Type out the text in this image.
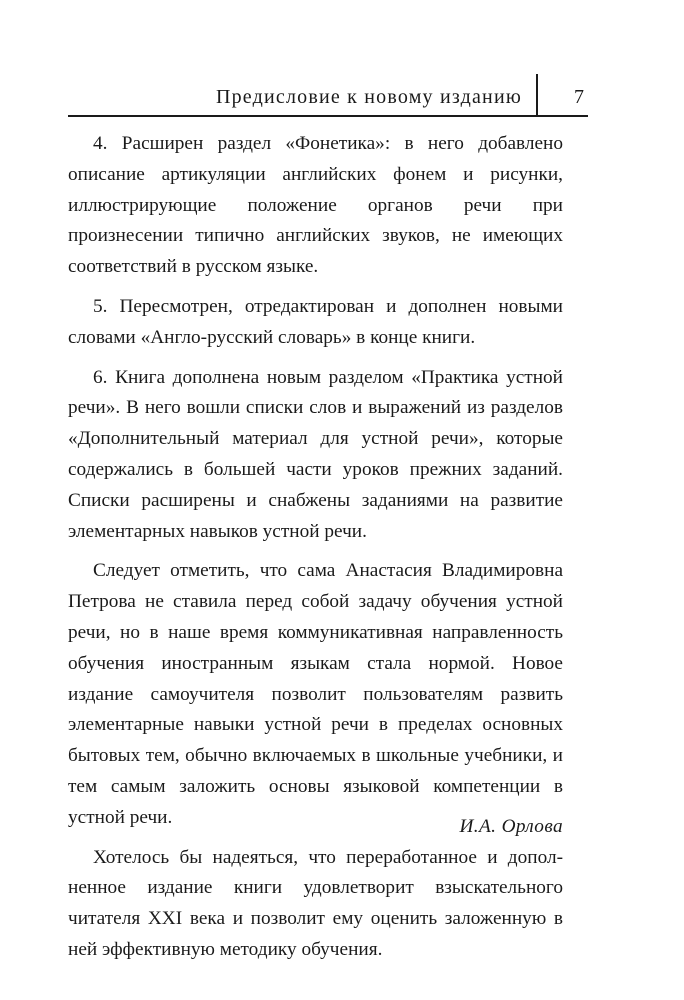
Предисловие к новому изданию	7

4. Расширен раздел «Фонетика»: в него добавлено описание артикуляции английских фонем и рисунки, иллюстрирующие положение органов речи при произнесении типично английских звуков, не имеющих соответствий в русском языке.

5. Пересмотрен, отредактирован и дополнен новыми словами «Англо-русский словарь» в конце книги.

6. Книга дополнена новым разделом «Практика устной речи». В него вошли списки слов и выражений из разделов «Дополнительный материал для устной речи», которые содержались в большей части уроков прежних заданий. Списки расширены и снабжены заданиями на развитие элементарных навыков устной речи.

Следует отметить, что сама Анастасия Владимировна Петрова не ставила перед собой задачу обучения устной речи, но в наше время коммуникативная направленность обучения иностранным языкам стала нормой. Новое издание самоучителя позволит пользователям развить элементарные навыки устной речи в пределах основных бытовых тем, обычно включаемых в школьные учебники, и тем самым заложить основы языковой компетенции в устной речи.

Хотелось бы надеяться, что переработанное и дополненное издание книги удовлетворит взыскательного читателя XXI века и позволит ему оценить заложенную в ней эффективную методику обучения.

И.А. Орлова
